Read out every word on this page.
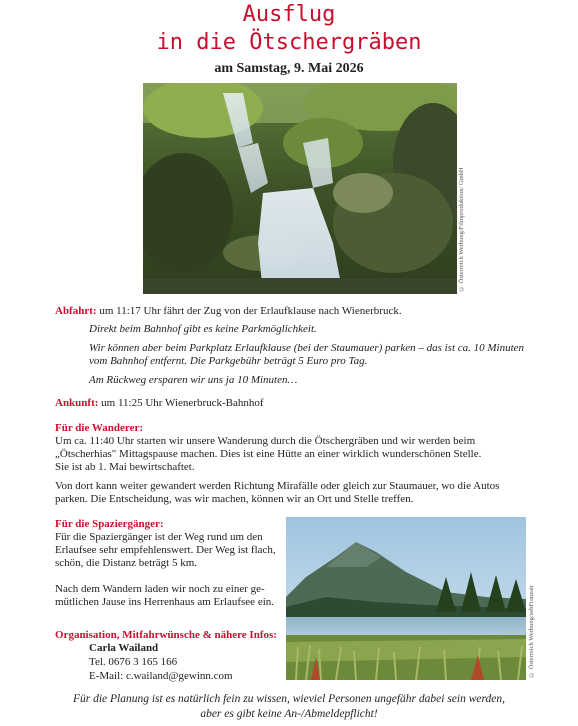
Ausflug
in die Ötschergräben
am Samstag, 9. Mai 2026
© Österreich Werbung/Filmproduktion/ GmbH
Abfahrt: um 11:17 Uhr fährt der Zug von der Erlaufklause nach Wienerbruck.
Direkt beim Bahnhof gibt es keine Parkmöglichkeit.
Wir können aber beim Parkplatz Erlaufklause (bei der Staumauer) parken – das ist ca. 10 Minuten
vom Bahnhof entfernt. Die Parkgebühr beträgt 5 Euro pro Tag.
Am Rückweg ersparen wir uns ja 10 Minuten…
Ankunft: um 11:25 Uhr Wienerbruck-Bahnhof
Für die Wanderer:
Um ca. 11:40 Uhr starten wir unsere Wanderung durch die Ötschergräben und wir werden beim
„Ötscherhias" Mittagspause machen. Dies ist eine Hütte an einer wirklich wunderschönen Stelle.
Sie ist ab 1. Mai bewirtschaftet.
Von dort kann weiter gewandert werden Richtung Mirafälle oder gleich zur Staumauer, wo die Autos
parken. Die Entscheidung, was wir machen, können wir an Ort und Stelle treffen.
Für die Spaziergänger:
Für die Spaziergänger ist der Weg rund um den
Erlaufsee sehr empfehlenswert. Der Weg ist flach,
schön, die Distanz beträgt 5 km.
Nach dem Wandern laden wir noch zu einer ge-
mütlichen Jause ins Herrenhaus am Erlaufsee ein.	© Österreich Werbung/sebFranzair
Organisation, Mitfahrwünsche & nähere Infos:
Carla Wailand
Tel. 0676 3 165 166
E-Mail: c.wailand@gewinn.com
Für die Planung ist es natürlich fein zu wissen, wieviel Personen ungefähr dabei sein werden,
aber es gibt keine An-/Abmeldepflicht!
